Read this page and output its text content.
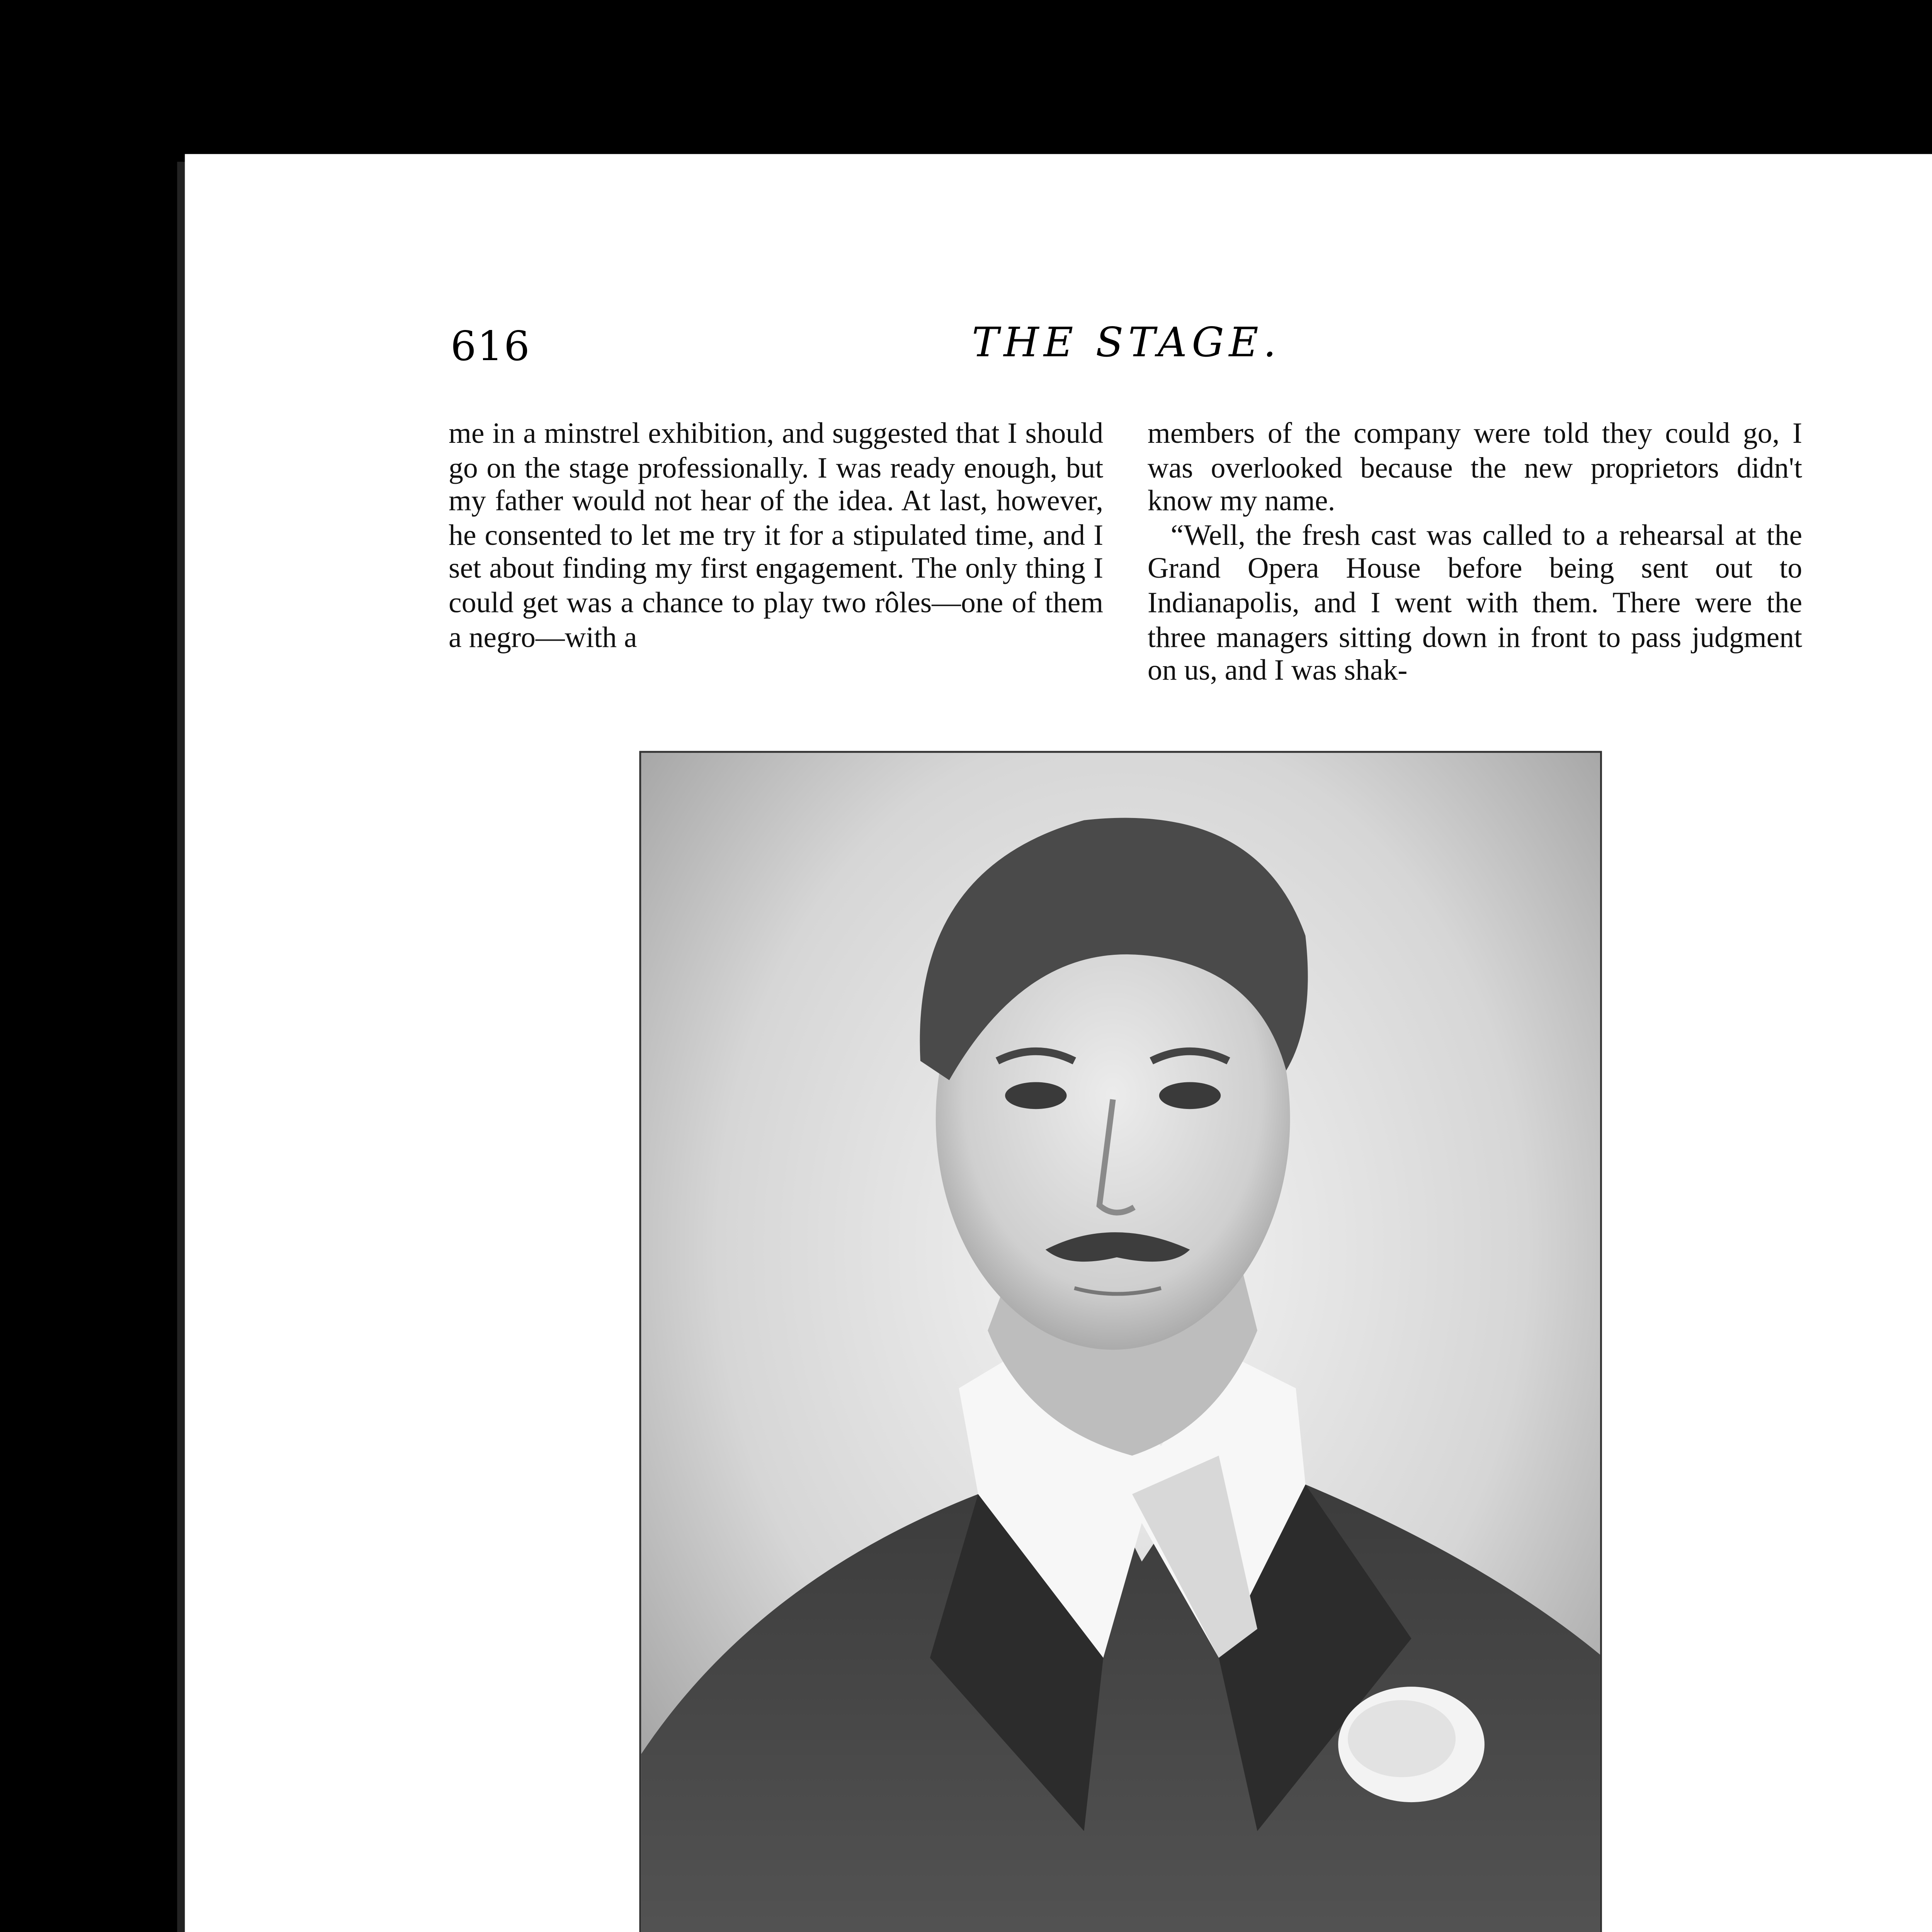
616	THE STAGE.

me in a minstrel exhibition, and suggested that I should go on the stage professionally. I was ready enough, but my father would not hear of the idea. At last, however, he consented to let me try it for a stipulated time, and I set about finding my first engagement. The only thing I could get was a chance to play two rôles—one of them a negro—with a

members of the company were told they could go, I was overlooked because the new proprietors didn't know my name.

“Well, the fresh cast was called to a rehearsal at the Grand Opera House before being sent out to Indianapolis, and I went with them. There were the three managers sitting down in front to pass judgment on us, and I was shak-
